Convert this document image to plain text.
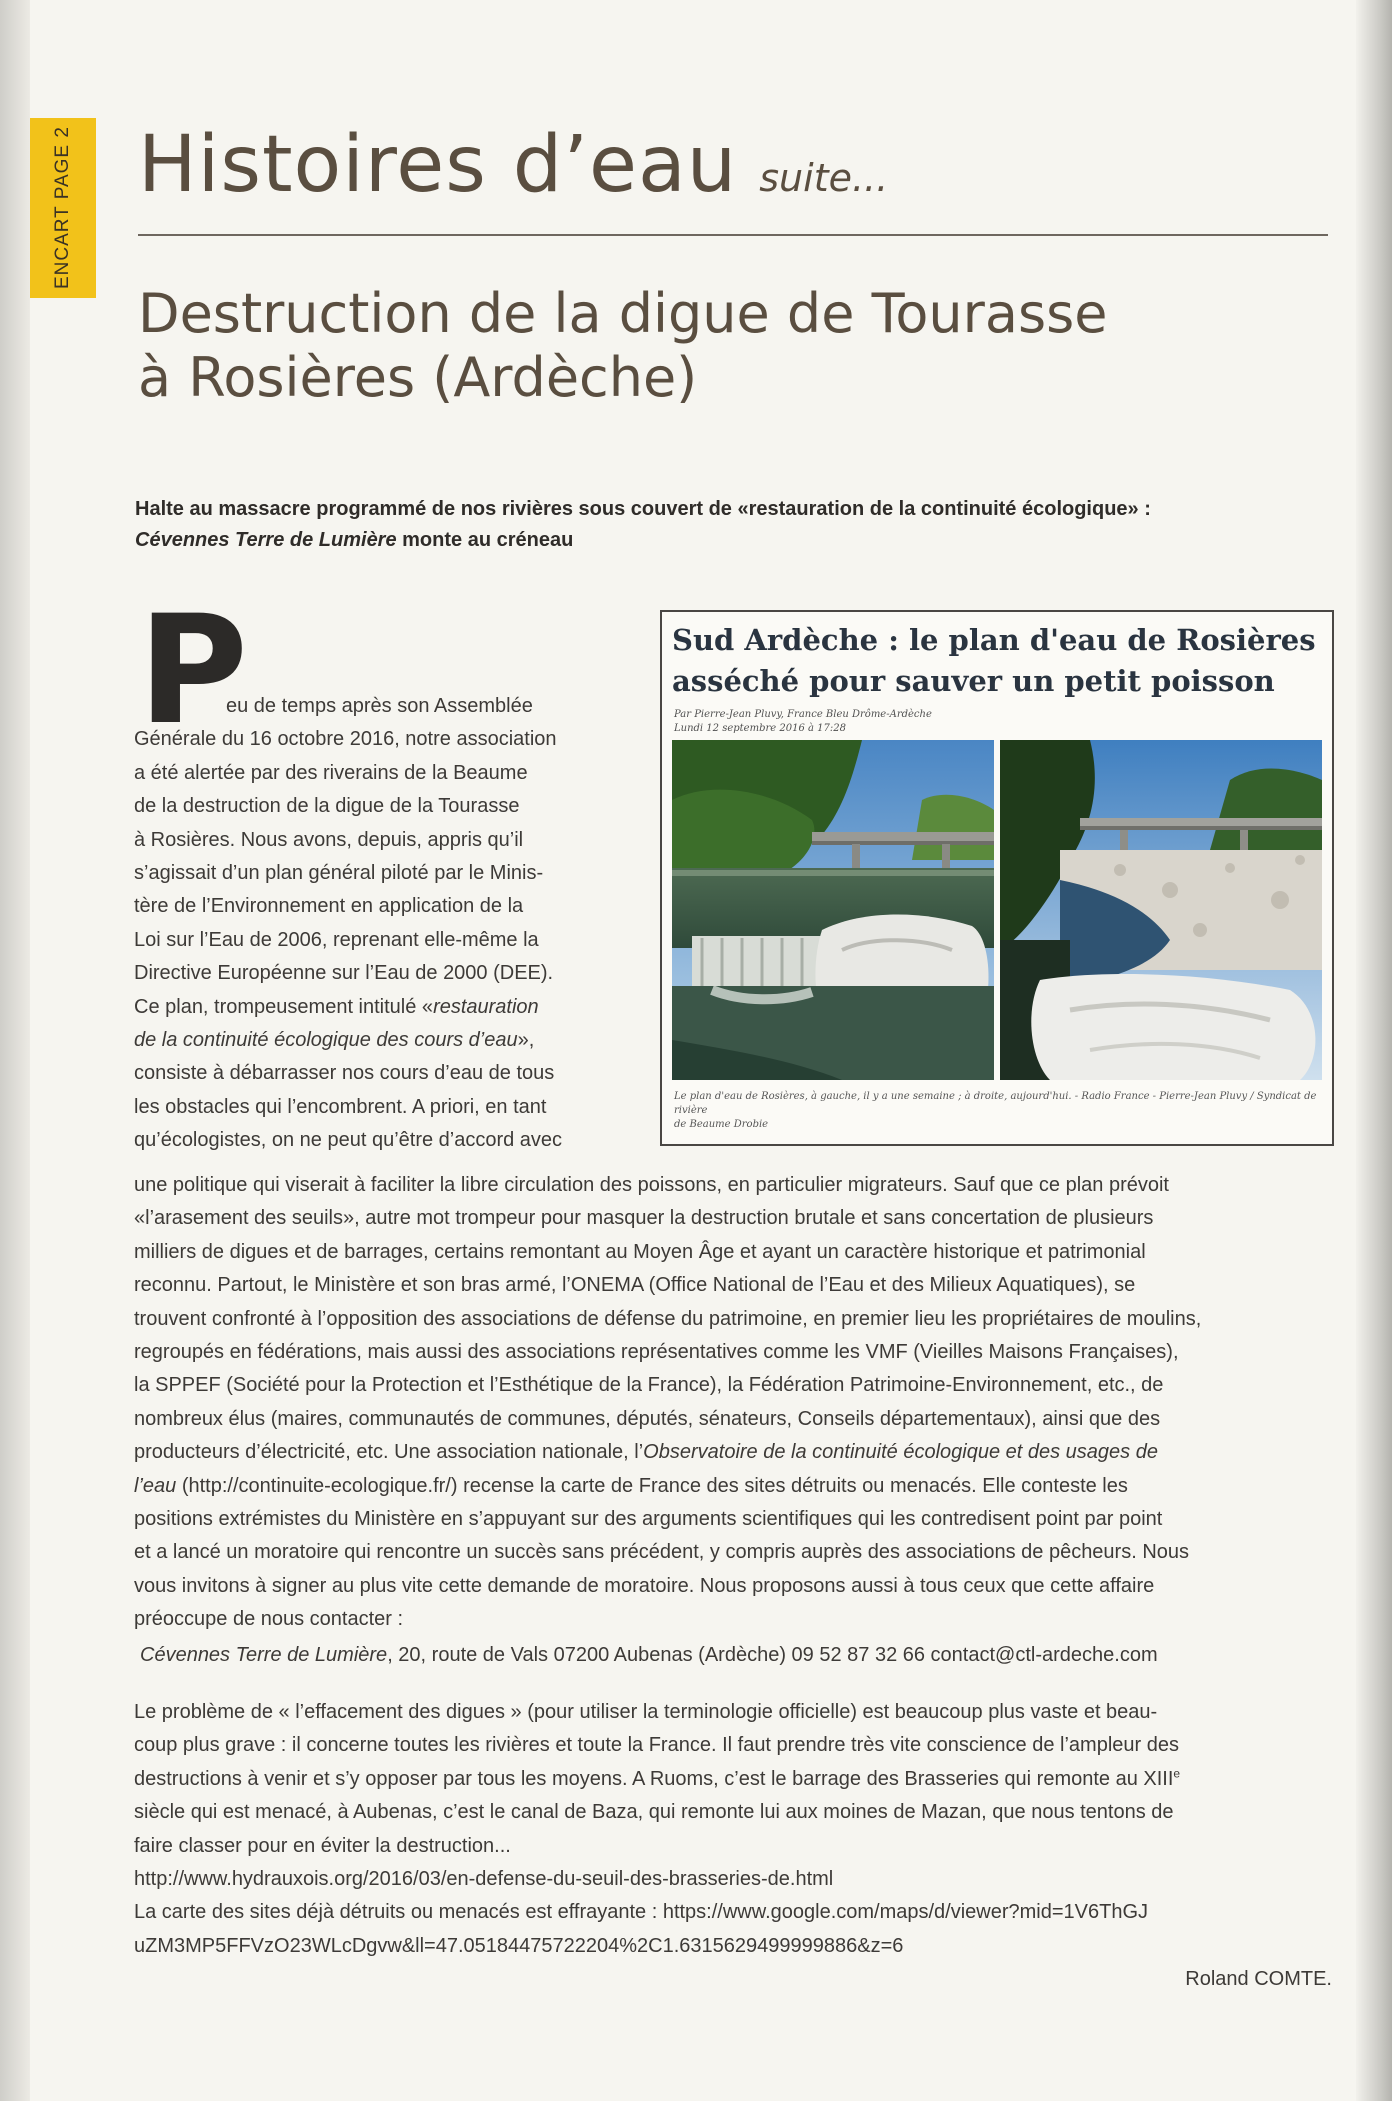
ENCART PAGE 2 Histoires d’eau suite...
Destruction de la digue de Tourasse
à Rosières (Ardèche)
Halte au massacre programmé de nos rivières sous couvert de «restauration de la continuité écologique» :
Cévennes Terre de Lumière monte au créneau
P
eu de temps après son Assemblée
Générale du 16 octobre 2016, notre association
a été alertée par des riverains de la Beaume
de la destruction de la digue de la Tourasse
à Rosières. Nous avons, depuis, appris qu’il
s’agissait d’un plan général piloté par le Minis-
tère de l’Environnement en application de la
Loi sur l’Eau de 2006, reprenant elle-même la
Directive Européenne sur l’Eau de 2000 (DEE).
Ce plan, trompeusement intitulé «restauration
de la continuité écologique des cours d’eau»,
consiste à débarrasser nos cours d’eau de tous
les obstacles qui l’encombrent. A priori, en tant
qu’écologistes, on ne peut qu’être d’accord avec
Sud Ardèche : le plan d'eau de Rosières
asséché pour sauver un petit poisson
Par Pierre-Jean Pluvy, France Bleu Drôme-Ardèche
Lundi 12 septembre 2016 à 17:28
Le plan d'eau de Rosières, à gauche, il y a une semaine ; à droite, aujourd'hui. - Radio France - Pierre-Jean Pluvy / Syndicat de rivière
de Beaume Drobie
une politique qui viserait à faciliter la libre circulation des poissons, en particulier migrateurs. Sauf que ce plan prévoit
«l’arasement des seuils», autre mot trompeur pour masquer la destruction brutale et sans concertation de plusieurs
milliers de digues et de barrages, certains remontant au Moyen Âge et ayant un caractère historique et patrimonial
reconnu. Partout, le Ministère et son bras armé, l’ONEMA (Office National de l’Eau et des Milieux Aquatiques), se
trouvent confronté à l’opposition des associations de défense du patrimoine, en premier lieu les propriétaires de moulins,
regroupés en fédérations, mais aussi des associations représentatives comme les VMF (Vieilles Maisons Françaises),
la SPPEF (Société pour la Protection et l’Esthétique de la France), la Fédération Patrimoine-Environnement, etc., de
nombreux élus (maires, communautés de communes, députés, sénateurs, Conseils départementaux), ainsi que des
producteurs d’électricité, etc. Une association nationale, l’Observatoire de la continuité écologique et des usages de
l’eau (http://continuite-ecologique.fr/) recense la carte de France des sites détruits ou menacés. Elle conteste les
positions extrémistes du Ministère en s’appuyant sur des arguments scientifiques qui les contredisent point par point
et a lancé un moratoire qui rencontre un succès sans précédent, y compris auprès des associations de pêcheurs. Nous
vous invitons à signer au plus vite cette demande de moratoire. Nous proposons aussi à tous ceux que cette affaire
préoccupe de nous contacter :
Cévennes Terre de Lumière, 20, route de Vals 07200 Aubenas (Ardèche) 09 52 87 32 66 contact@ctl-ardeche.com
Le problème de « l’effacement des digues » (pour utiliser la terminologie officielle) est beaucoup plus vaste et beau-
coup plus grave : il concerne toutes les rivières et toute la France. Il faut prendre très vite conscience de l’ampleur des
destructions à venir et s’y opposer par tous les moyens. A Ruoms, c’est le barrage des Brasseries qui remonte au XIIIe
siècle qui est menacé, à Aubenas, c’est le canal de Baza, qui remonte lui aux moines de Mazan, que nous tentons de
faire classer pour en éviter la destruction...
http://www.hydrauxois.org/2016/03/en-defense-du-seuil-des-brasseries-de.html
La carte des sites déjà détruits ou menacés est effrayante : https://www.google.com/maps/d/viewer?mid=1V6ThGJ
uZM3MP5FFVzO23WLcDgvw&ll=47.05184475722204%2C1.6315629499999886&z=6
Roland COMTE.
